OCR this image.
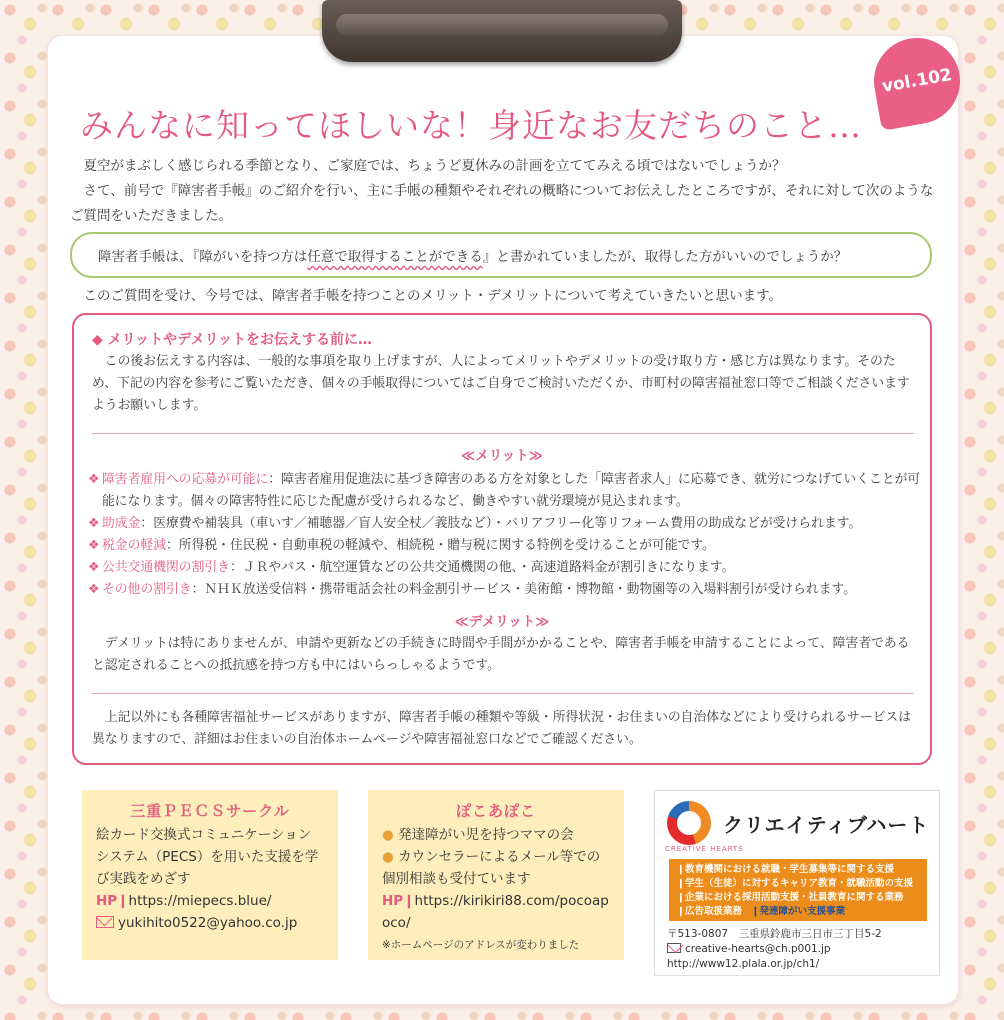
vol.102
みんなに知ってほしいな！身近なお友だちのこと…

夏空がまぶしく感じられる季節となり、ご家庭では、ちょうど夏休みの計画を立ててみえる頃ではないでしょうか？

さて、前号で『障害者手帳』のご紹介を行い、主に手帳の種類やそれぞれの概略についてお伝えしたところですが、それに対して次のようなご質問をいただきました。

障害者手帳は、『障がいを持つ方は任意で取得することができる』と書かれていましたが、取得した方がいいのでしょうか？
このご質問を受け、今号では、障害者手帳を持つことのメリット・デメリットについて考えていきたいと思います。
◆ メリットやデメリットをお伝えする前に…

この後お伝えする内容は、一般的な事項を取り上げますが、人によってメリットやデメリットの受け取り方・感じ方は異なります。そのため、下記の内容を参考にご覧いただき、個々の手帳取得についてはご自身でご検討いただくか、市町村の障害福祉窓口等でご相談くださいますようお願いします。

≪メリット≫
❖ 障害者雇用への応募が可能に：障害者雇用促進法に基づき障害のある方を対象とした「障害者求人」に応募でき、就労につなげていくことが可能になります。個々の障害特性に応じた配慮が受けられるなど、働きやすい就労環境が見込まれます。
❖ 助成金：医療費や補装具（車いす／補聴器／盲人安全杖／義肢など）・バリアフリー化等リフォーム費用の助成などが受けられます。
❖ 税金の軽減：所得税・住民税・自動車税の軽減や、相続税・贈与税に関する特例を受けることが可能です。
❖ 公共交通機関の割引き：ＪＲやバス・航空運賃などの公共交通機関の他、・高速道路料金が割引きになります。
❖ その他の割引き：ＮＨＫ放送受信料・携帯電話会社の料金割引サービス・美術館・博物館・動物園等の入場料割引が受けられます。
≪デメリット≫

デメリットは特にありませんが、申請や更新などの手続きに時間や手間がかかることや、障害者手帳を申請することによって、障害者であると認定されることへの抵抗感を持つ方も中にはいらっしゃるようです。

上記以外にも各種障害福祉サービスがありますが、障害者手帳の種類や等級・所得状況・お住まいの自治体などにより受けられるサービスは異なりますので、詳細はお住まいの自治体ホームページや障害福祉窓口などでご確認ください。

三重ＰＥＣＳサークル
絵カード交換式コミュニケーションシステム（PECS）を用いた支援を学び実践をめざす
HP❙https://miepecs.blue/
yukihito0522@yahoo.co.jp
ぽこあぽこ
● 発達障がい児を持つママの会
● カウンセラーによるメール等での個別相談も受付ています
HP❙https://kirikiri88.com/pocoapoco/
※ホームページのアドレスが変わりました
クリエイティブハート
CREATIVE HEARTS
❙教育機関における就職・学生募集等に関する支援
❙学生（生徒）に対するキャリア教育・就職活動の支援
❙企業における採用活動支援・社員教育に関する業務
❙広告取扱業務　 ❙発達障がい支援事業
〒513-0807　三重県鈴鹿市三日市三丁目5-2
creative-hearts@ch.p001.jp
http://www12.plala.or.jp/ch1/
